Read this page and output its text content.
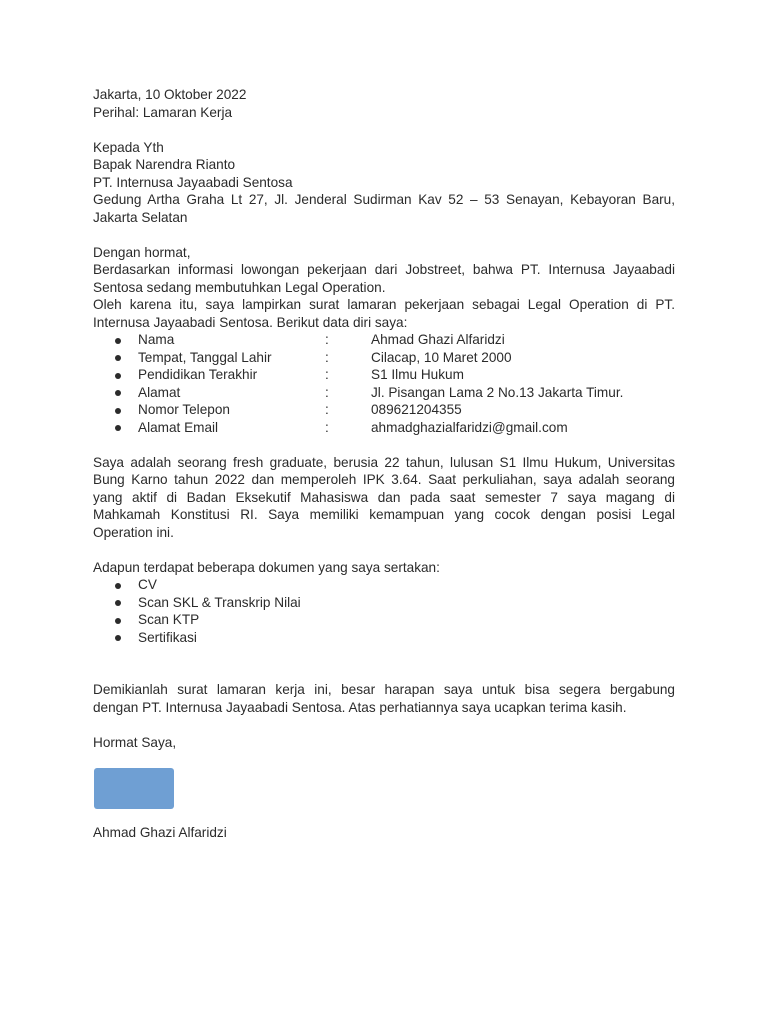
Jakarta, 10 Oktober 2022
Perihal: Lamaran Kerja
Kepada Yth
Bapak Narendra Rianto
PT. Internusa Jayaabadi Sentosa
Gedung Artha Graha Lt 27, Jl. Jenderal Sudirman Kav 52 – 53 Senayan, Kebayoran Baru,
Jakarta Selatan
Dengan hormat,
Berdasarkan informasi lowongan pekerjaan dari Jobstreet, bahwa PT. Internusa Jayaabadi
Sentosa sedang membutuhkan Legal Operation.
Oleh karena itu, saya lampirkan surat lamaran pekerjaan sebagai Legal Operation di PT.
Internusa Jayaabadi Sentosa. Berikut data diri saya:
Nama	:	Ahmad Ghazi Alfaridzi
Tempat, Tanggal Lahir	:	Cilacap, 10 Maret 2000
Pendidikan Terakhir	:	S1 Ilmu Hukum
Alamat	:	Jl. Pisangan Lama 2 No.13 Jakarta Timur.
Nomor Telepon	:	089621204355
Alamat Email	:	ahmadghazialfaridzi@gmail.com
Saya adalah seorang fresh graduate, berusia 22 tahun, lulusan S1 Ilmu Hukum, Universitas
Bung Karno tahun 2022 dan memperoleh IPK 3.64. Saat perkuliahan, saya adalah seorang
yang aktif di Badan Eksekutif Mahasiswa dan pada saat semester 7 saya magang di
Mahkamah Konstitusi RI. Saya memiliki kemampuan yang cocok dengan posisi Legal
Operation ini.
Adapun terdapat beberapa dokumen yang saya sertakan:
CV
Scan SKL & Transkrip Nilai
Scan KTP
Sertifikasi
Demikianlah surat lamaran kerja ini, besar harapan saya untuk bisa segera bergabung
dengan PT. Internusa Jayaabadi Sentosa. Atas perhatiannya saya ucapkan terima kasih.
Hormat Saya,
Ahmad Ghazi Alfaridzi
